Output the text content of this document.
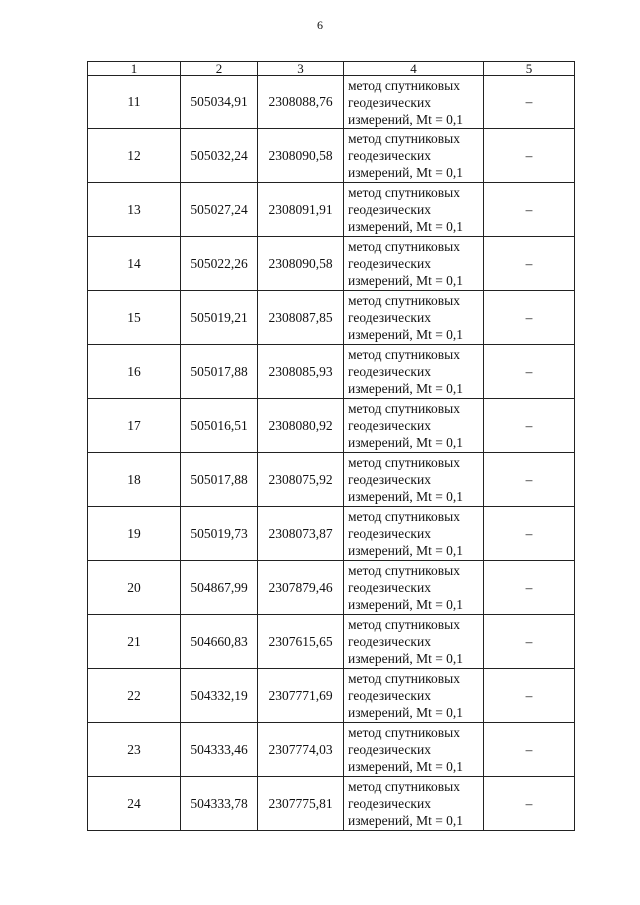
6
1	2	3	4	5
11	505034,91	2308088,76	метод спутниковых
геодезических
измерений, Mt = 0,1	–
12	505032,24	2308090,58	метод спутниковых
геодезических
измерений, Mt = 0,1	–
13	505027,24	2308091,91	метод спутниковых
геодезических
измерений, Mt = 0,1	–
14	505022,26	2308090,58	метод спутниковых
геодезических
измерений, Mt = 0,1	–
15	505019,21	2308087,85	метод спутниковых
геодезических
измерений, Mt = 0,1	–
16	505017,88	2308085,93	метод спутниковых
геодезических
измерений, Mt = 0,1	–
17	505016,51	2308080,92	метод спутниковых
геодезических
измерений, Mt = 0,1	–
18	505017,88	2308075,92	метод спутниковых
геодезических
измерений, Mt = 0,1	–
19	505019,73	2308073,87	метод спутниковых
геодезических
измерений, Mt = 0,1	–
20	504867,99	2307879,46	метод спутниковых
геодезических
измерений, Mt = 0,1	–
21	504660,83	2307615,65	метод спутниковых
геодезических
измерений, Mt = 0,1	–
22	504332,19	2307771,69	метод спутниковых
геодезических
измерений, Mt = 0,1	–
23	504333,46	2307774,03	метод спутниковых
геодезических
измерений, Mt = 0,1	–
24	504333,78	2307775,81	метод спутниковых
геодезических
измерений, Mt = 0,1	–
